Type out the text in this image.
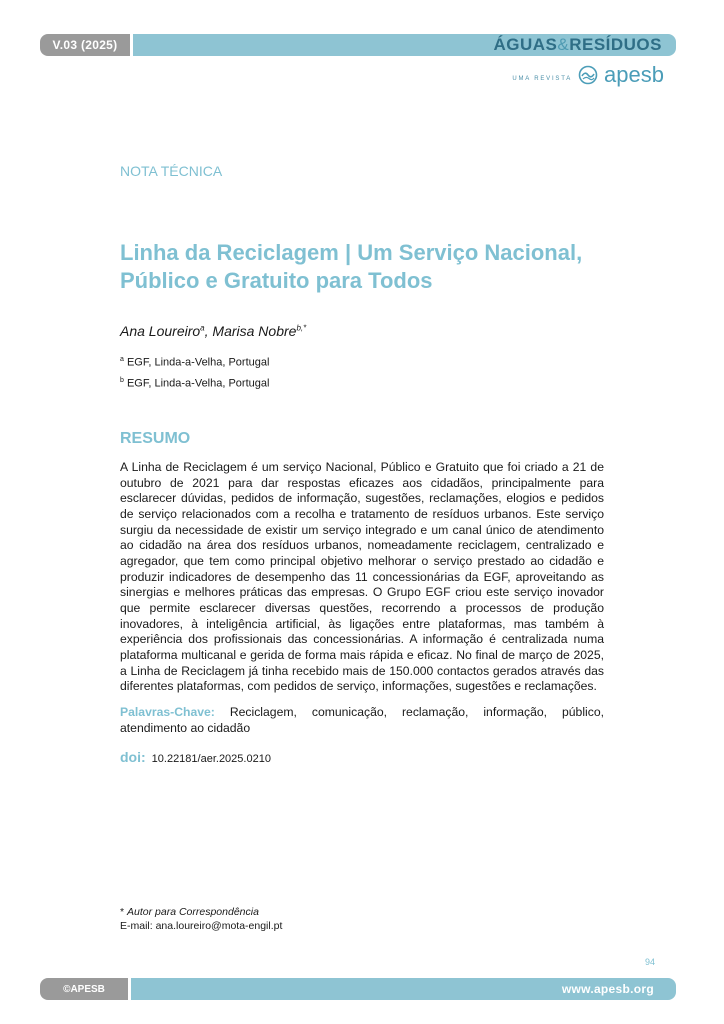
V.03 (2025)	ÁGUAS&RESÍDUOS
UMA REVISTA apesb
NOTA TÉCNICA
Linha da Reciclagem | Um Serviço Nacional, Público e Gratuito para Todos
Ana Loureiro$^a$, Marisa Nobre$^{b,*}$
$^a$ EGF, Linda-a-Velha, Portugal
$^b$ EGF, Linda-a-Velha, Portugal
RESUMO

A Linha de Reciclagem é um serviço Nacional, Público e Gratuito que foi criado a 21 de outubro de 2021 para dar respostas eficazes aos cidadãos, principalmente para esclarecer dúvidas, pedidos de informação, sugestões, reclamações, elogios e pedidos de serviço relacionados com a recolha e tratamento de resíduos urbanos. Este serviço surgiu da necessidade de existir um serviço integrado e um canal único de atendimento ao cidadão na área dos resíduos urbanos, nomeadamente reciclagem, centralizado e agregador, que tem como principal objetivo melhorar o serviço prestado ao cidadão e produzir indicadores de desempenho das 11 concessionárias da EGF, aproveitando as sinergias e melhores práticas das empresas. O Grupo EGF criou este serviço inovador que permite esclarecer diversas questões, recorrendo a processos de produção inovadores, à inteligência artificial, às ligações entre plataformas, mas também à experiência dos profissionais das concessionárias. A informação é centralizada numa plataforma multicanal e gerida de forma mais rápida e eficaz. No final de março de 2025, a Linha de Reciclagem já tinha recebido mais de 150.000 contactos gerados através das diferentes plataformas, com pedidos de serviço, informações, sugestões e reclamações.

Palavras-Chave: Reciclagem, comunicação, reclamação, informação, público, atendimento ao cidadão

doi: 10.22181/aer.2025.0210
* Autor para Correspondência
E-mail: ana.loureiro@mota-engil.pt
94
©APESB	www.apesb.org
